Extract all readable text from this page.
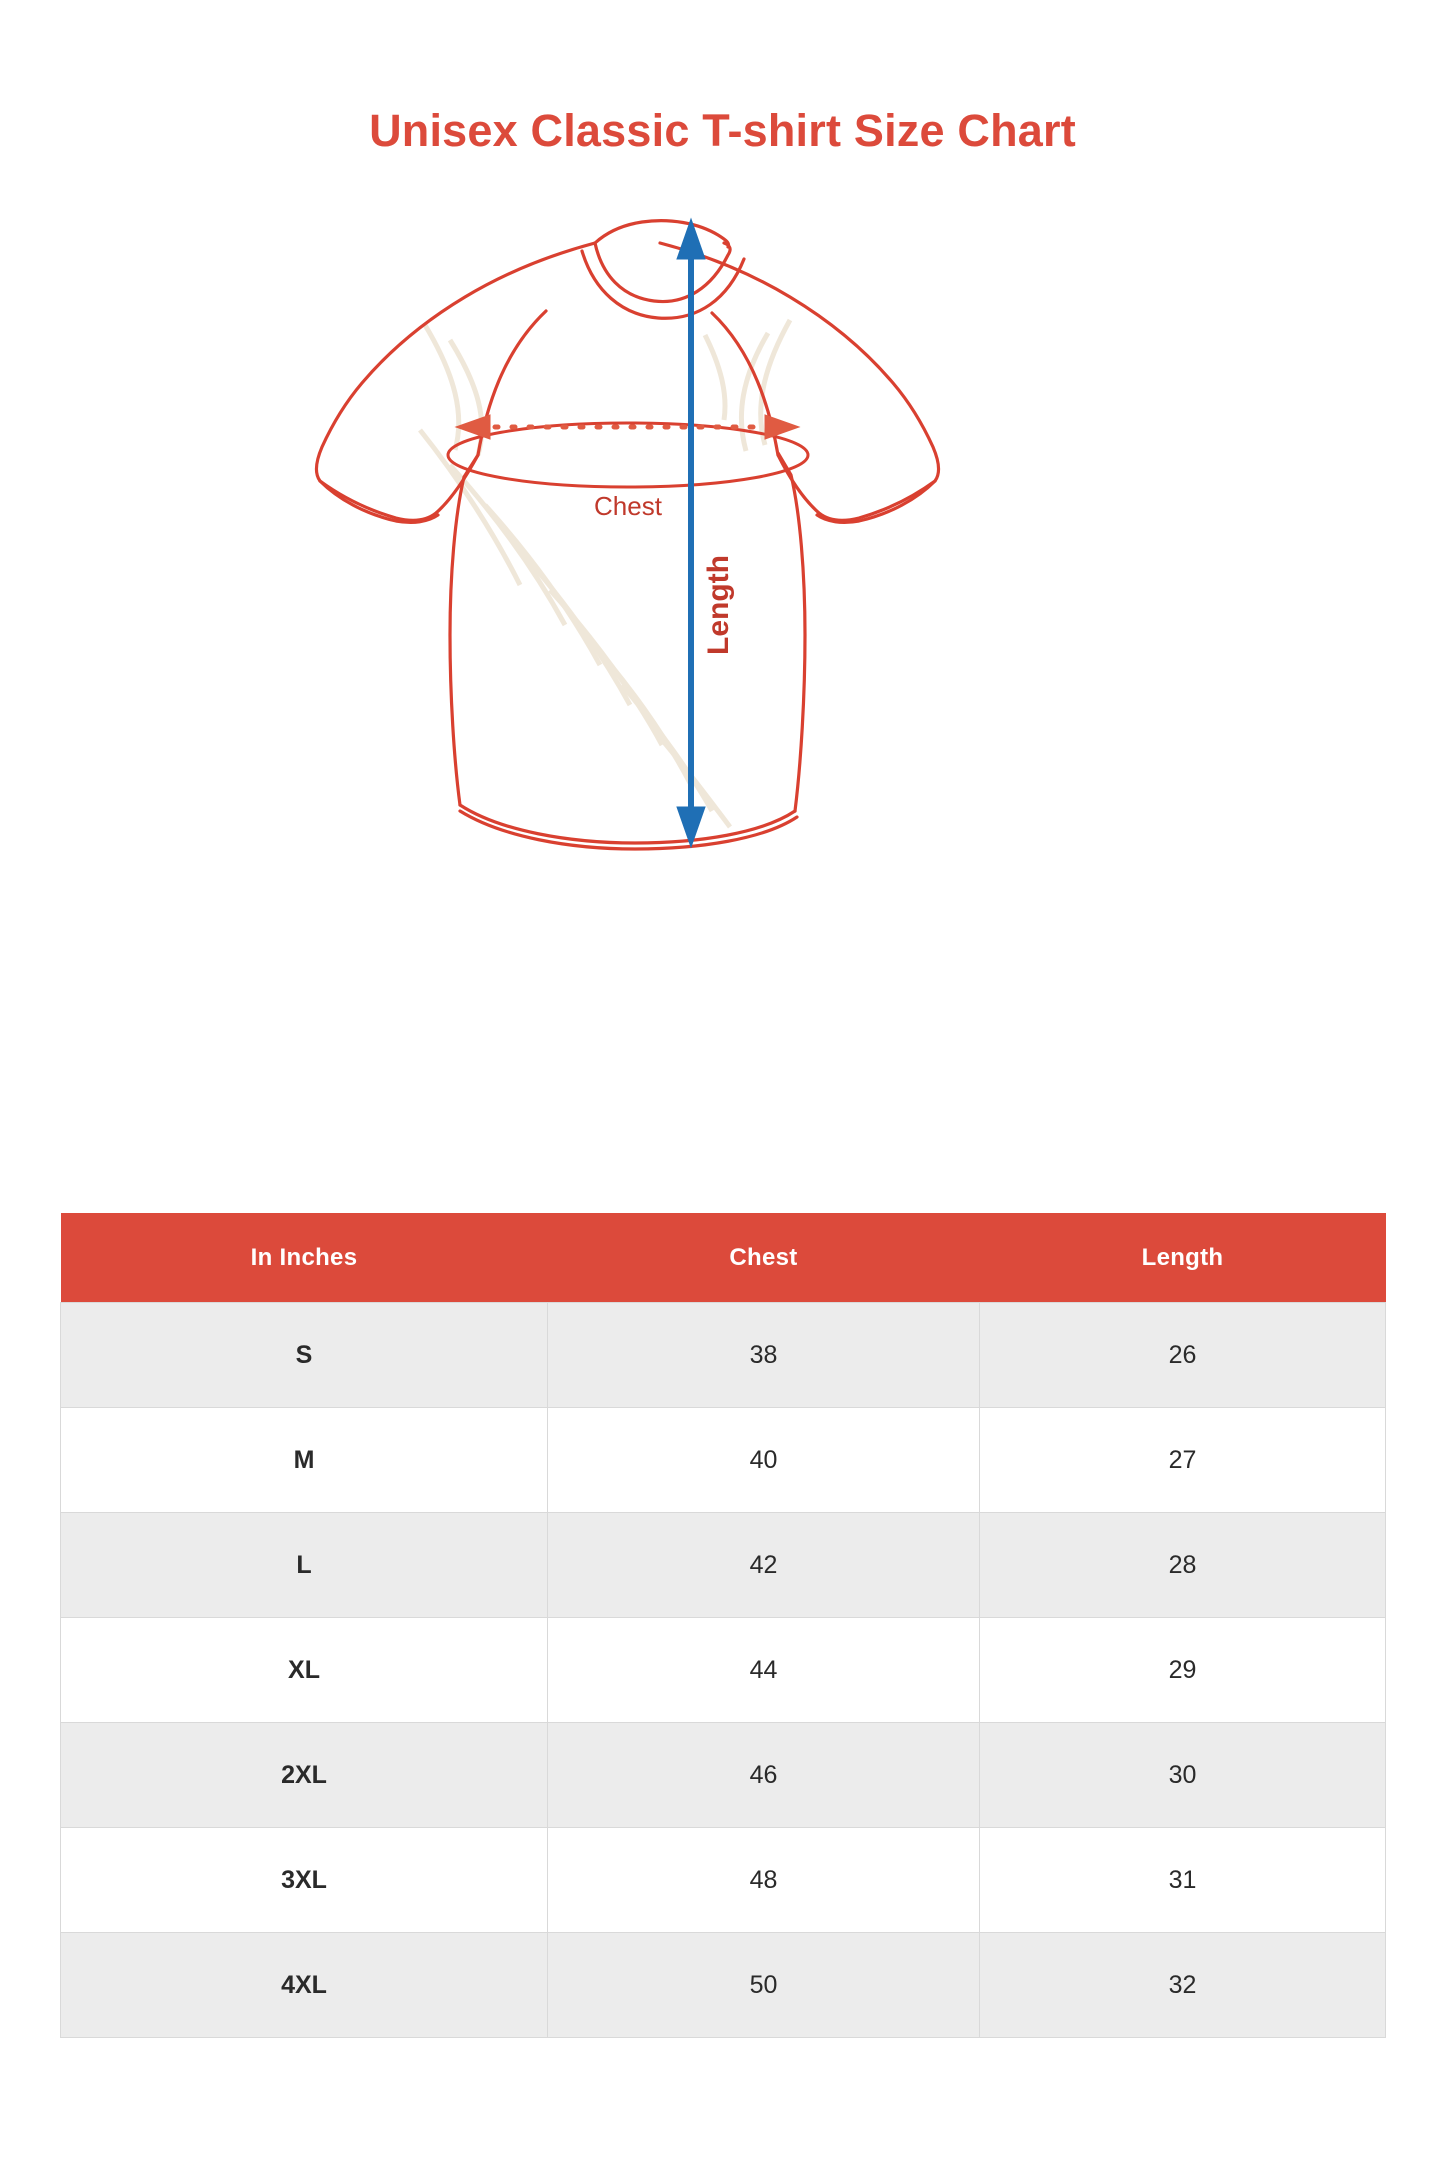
Unisex Classic T-shirt Size Chart
Chest
Length
In Inches	Chest	Length
S	38	26
M	40	27
L	42	28
XL	44	29
2XL	46	30
3XL	48	31
4XL	50	32
